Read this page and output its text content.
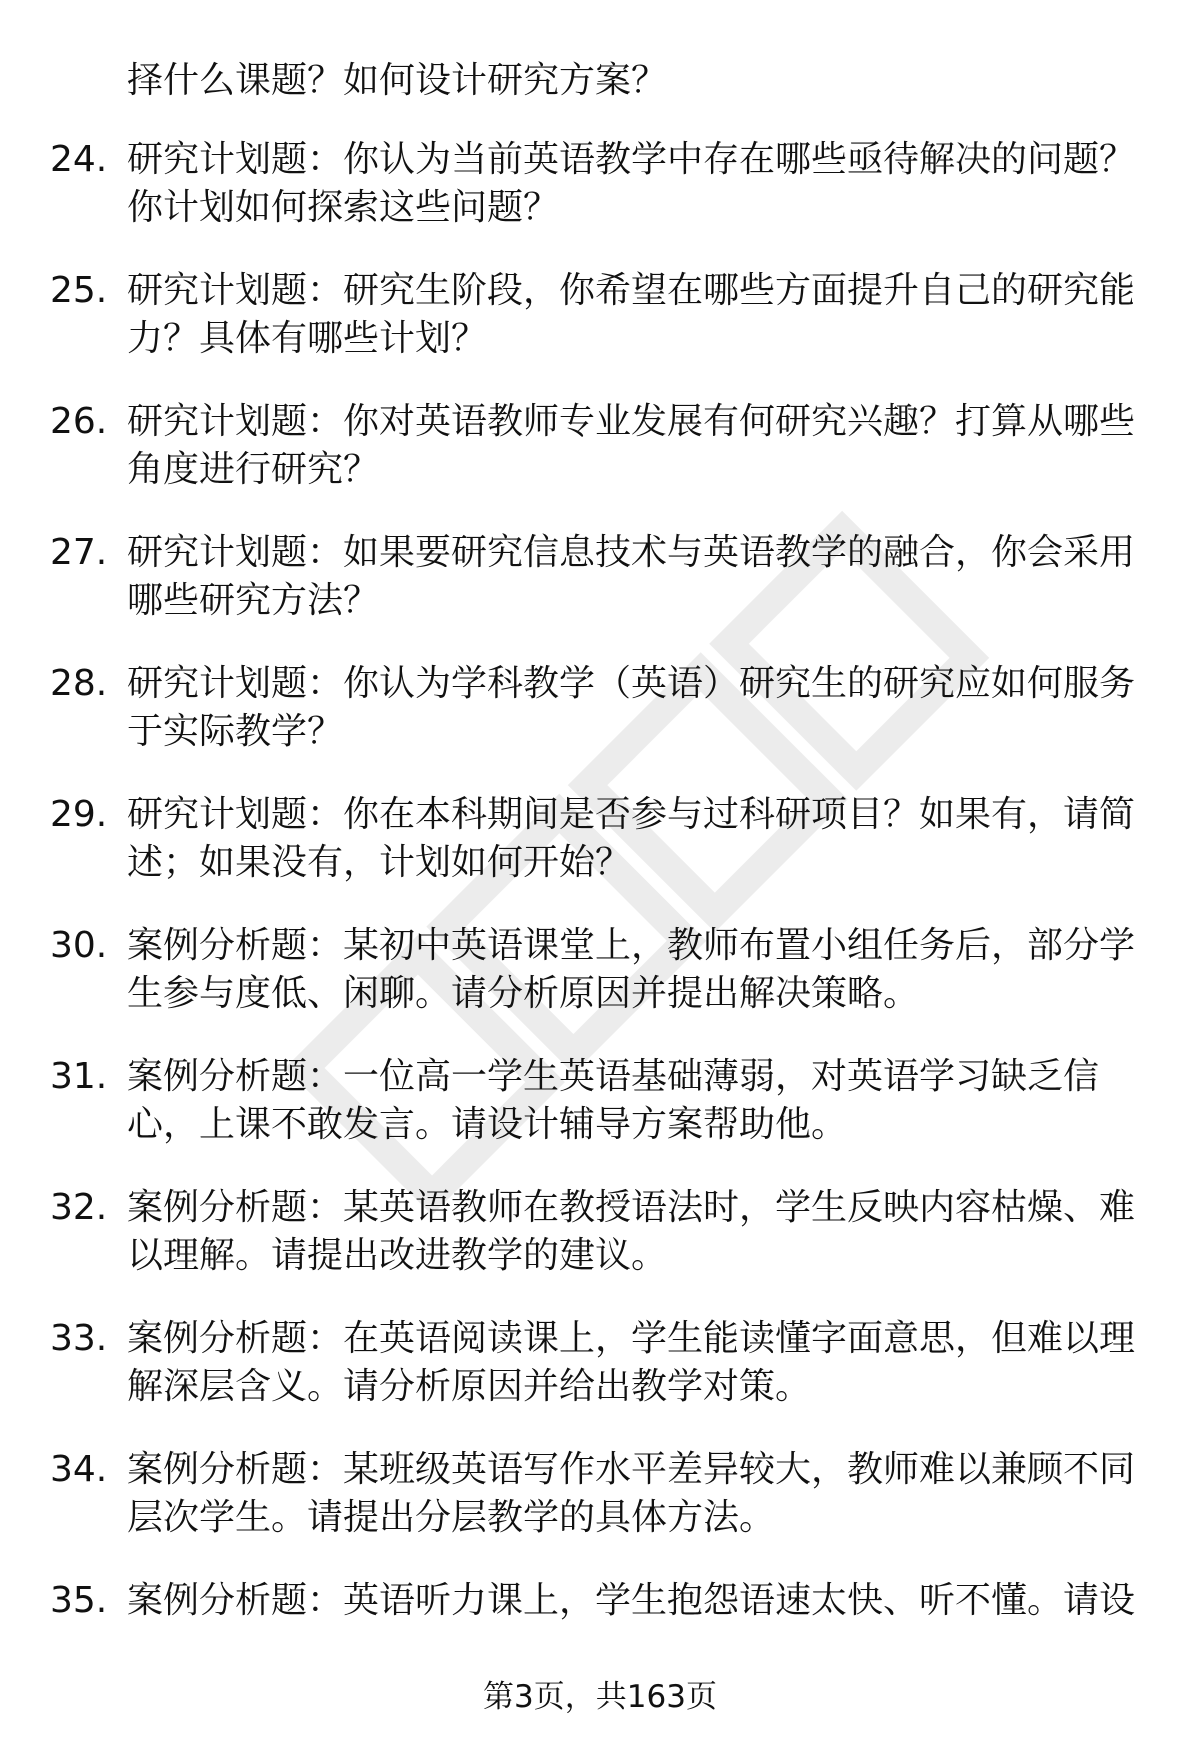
择什么课题？如何设计研究方案？
24. 研究计划题：你认为当前英语教学中存在哪些亟待解决的问题？
你计划如何探索这些问题？
25. 研究计划题：研究生阶段，你希望在哪些方面提升自己的研究能
力？具体有哪些计划？
26. 研究计划题：你对英语教师专业发展有何研究兴趣？打算从哪些
角度进行研究？
27. 研究计划题：如果要研究信息技术与英语教学的融合，你会采用
哪些研究方法？
28. 研究计划题：你认为学科教学（英语）研究生的研究应如何服务
于实际教学？
29. 研究计划题：你在本科期间是否参与过科研项目？如果有，请简
述；如果没有，计划如何开始？
30. 案例分析题：某初中英语课堂上，教师布置小组任务后，部分学
生参与度低、闲聊。请分析原因并提出解决策略。
31. 案例分析题：一位高一学生英语基础薄弱，对英语学习缺乏信
心，上课不敢发言。请设计辅导方案帮助他。
32. 案例分析题：某英语教师在教授语法时，学生反映内容枯燥、难
以理解。请提出改进教学的建议。
33. 案例分析题：在英语阅读课上，学生能读懂字面意思，但难以理
解深层含义。请分析原因并给出教学对策。
34. 案例分析题：某班级英语写作水平差异较大，教师难以兼顾不同
层次学生。请提出分层教学的具体方法。
35. 案例分析题：英语听力课上，学生抱怨语速太快、听不懂。请设
第3页，共163页
